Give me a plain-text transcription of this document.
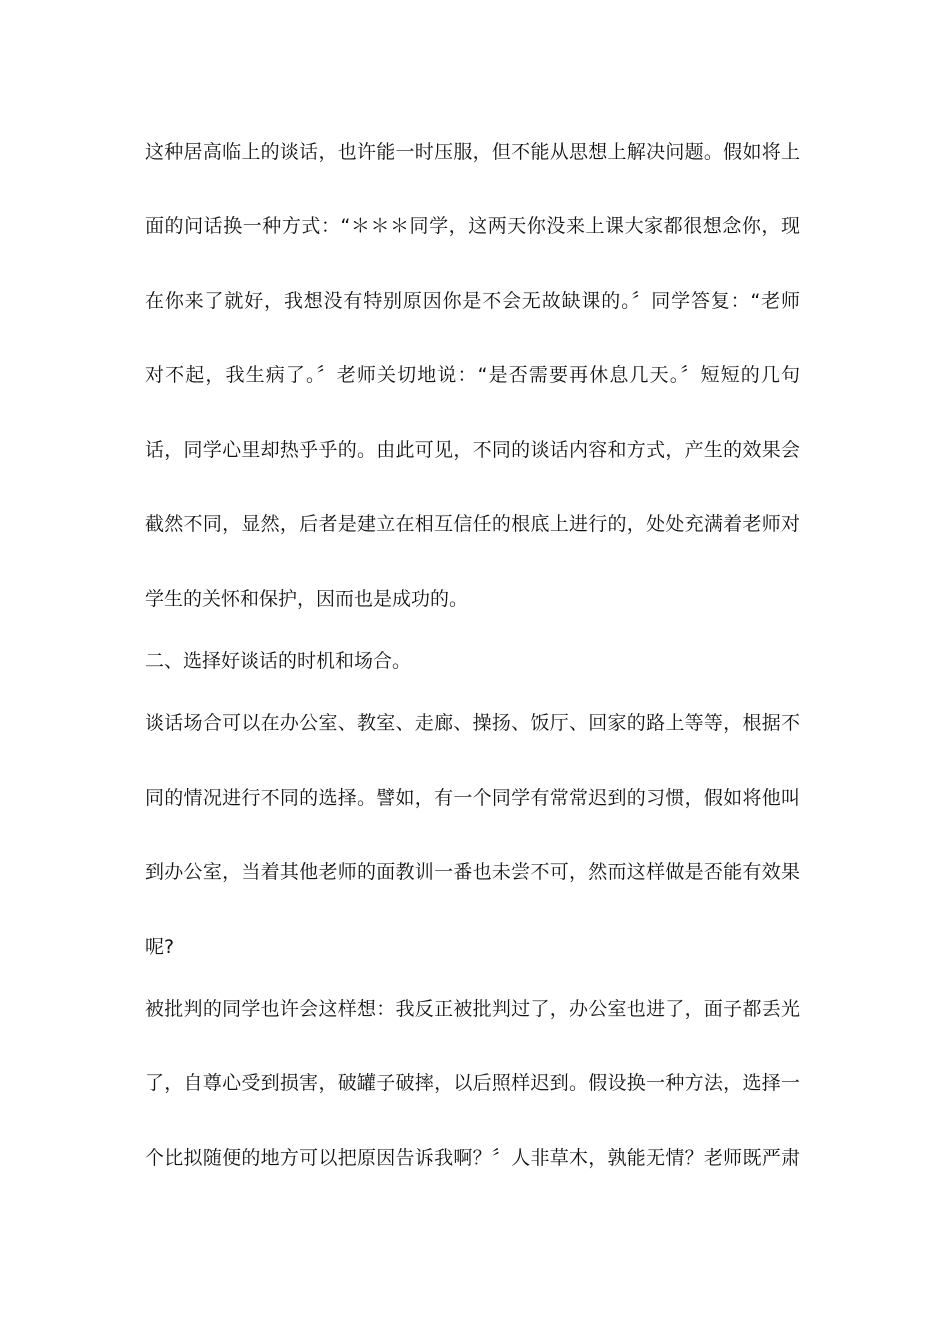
这种居高临上的谈话，也许能一时压服，但不能从思想上解决问题。假如将上
面的问话换一种方式：“＊＊＊同学，这两天你没来上课大家都很想念你，现
在你来了就好，我想没有特别原因你是不会无故缺课的。〞同学答复：“老师
对不起，我生病了。〞老师关切地说：“是否需要再休息几天。〞短短的几句
话，同学心里却热乎乎的。由此可见，不同的谈话内容和方式，产生的效果会
截然不同，显然，后者是建立在相互信任的根底上进行的，处处充满着老师对
学生的关怀和保护，因而也是成功的。
二、选择好谈话的时机和场合。
谈话场合可以在办公室、教室、走廊、操扬、饭厅、回家的路上等等，根据不
同的情况进行不同的选择。譬如，有一个同学有常常迟到的习惯，假如将他叫
到办公室，当着其他老师的面教训一番也未尝不可，然而这样做是否能有效果
呢?
被批判的同学也许会这样想：我反正被批判过了，办公室也进了，面子都丢光
了，自尊心受到损害，破罐子破摔，以后照样迟到。假设换一种方法，选择一
个比拟随便的地方可以把原因告诉我啊？〞人非草木，孰能无情？老师既严肃
